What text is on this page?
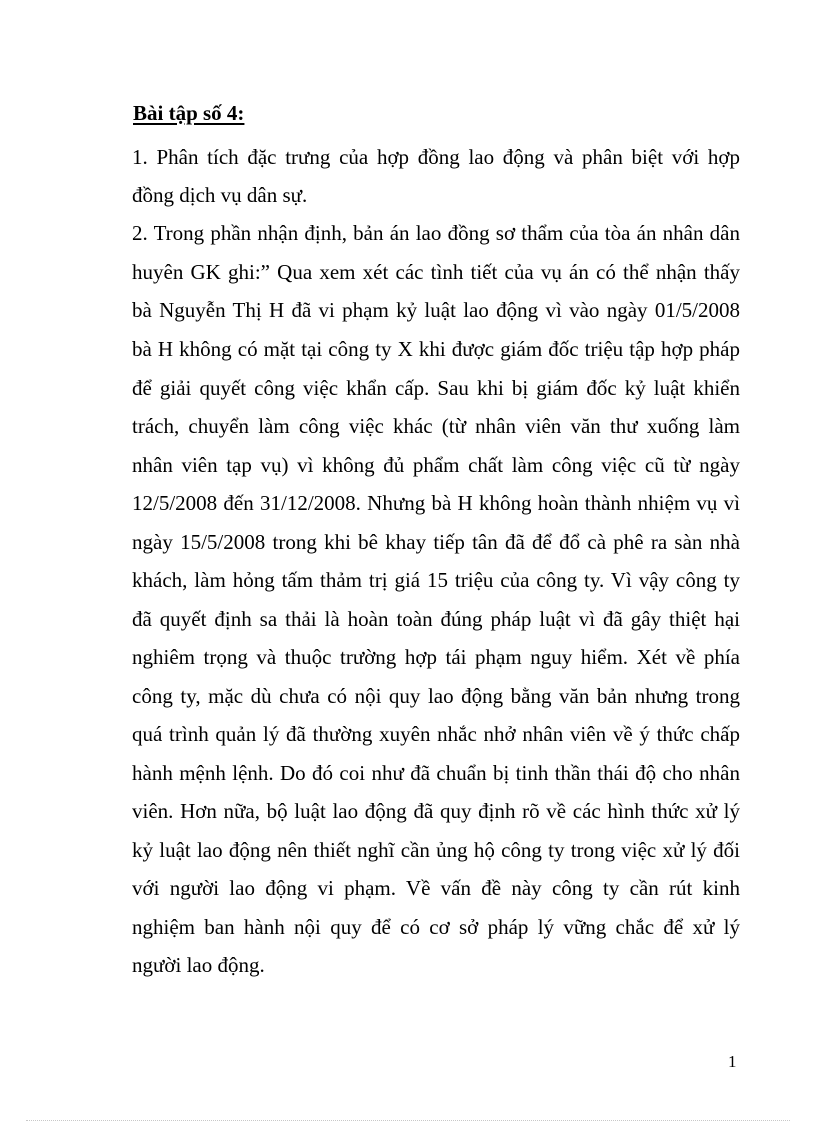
Bài tập số 4:
1. Phân tích đặc trưng của hợp đồng lao động và phân biệt với hợp
đồng dịch vụ dân sự.
2. Trong phần nhận định, bản án lao đồng sơ thẩm của tòa án nhân dân
huyên GK ghi:” Qua xem xét các tình tiết của vụ án có thể nhận thấy
bà Nguyễn Thị H đã vi phạm kỷ luật lao động vì vào ngày 01/5/2008
bà H không có mặt tại công ty X khi được giám đốc triệu tập hợp pháp
để giải quyết công việc khẩn cấp. Sau khi bị giám đốc kỷ luật khiển
trách, chuyển làm công việc khác (từ nhân viên văn thư xuống làm
nhân viên tạp vụ) vì không đủ phẩm chất làm công việc cũ từ ngày
12/5/2008 đến 31/12/2008. Nhưng bà H không hoàn thành nhiệm vụ vì
ngày 15/5/2008 trong khi bê khay tiếp tân đã để đổ cà phê ra sàn nhà
khách, làm hỏng tấm thảm trị giá 15 triệu của công ty. Vì vậy công ty
đã quyết định sa thải là hoàn toàn đúng pháp luật vì đã gây thiệt hại
nghiêm trọng và thuộc trường hợp tái phạm nguy hiểm. Xét về phía
công ty, mặc dù chưa có nội quy lao động bằng văn bản nhưng trong
quá trình quản lý đã thường xuyên nhắc nhở nhân viên về ý thức chấp
hành mệnh lệnh. Do đó coi như đã chuẩn bị tinh thần thái độ cho nhân
viên. Hơn nữa, bộ luật lao động đã quy định rõ về các hình thức xử lý
kỷ luật lao động nên thiết nghĩ cần ủng hộ công ty trong việc xử lý đối
với người lao động vi phạm. Về vấn đề này công ty cần rút kinh
nghiệm ban hành nội quy để có cơ sở pháp lý vững chắc để xử lý
người lao động.
1
